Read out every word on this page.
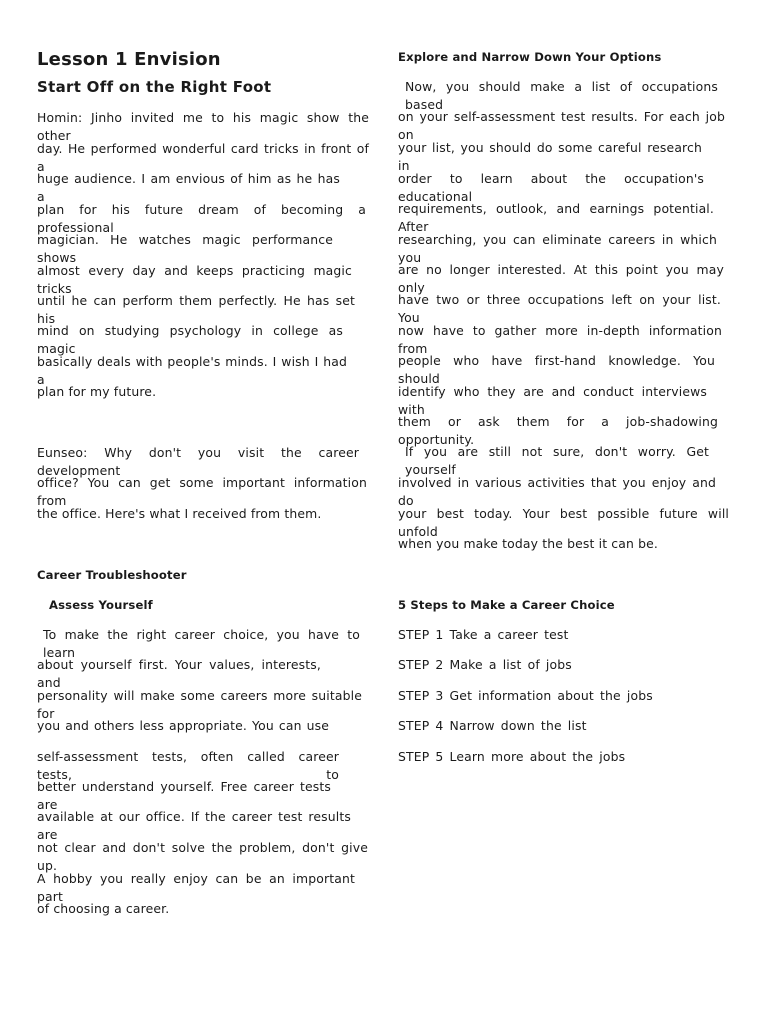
Lesson 1 Envision
Start Off on the Right Foot
Homin: Jinho invited me to his magic show the other
day. He performed wonderful card tricks in front of a
huge audience. I am envious of him as he has a
plan for his future dream of becoming a professional
magician. He watches magic performance shows
almost every day and keeps practicing magic tricks
until he can perform them perfectly. He has set his
mind on studying psychology in college as magic
basically deals with people's minds. I wish I had a
plan for my future.
Eunseo: Why don't you visit the career development
office? You can get some important information from
the office. Here's what I received from them.
Career Troubleshooter
Assess Yourself
To make the right career choice, you have to learn
about yourself first. Your values, interests, and
personality will make some careers more suitable for
you and others less appropriate. You can use
self-assessment tests, often called career tests, to
better understand yourself. Free career tests are
available at our office. If the career test results are
not clear and don't solve the problem, don't give up.
A hobby you really enjoy can be an important part
of choosing a career.
Explore and Narrow Down Your Options
Now, you should make a list of occupations based
on your self-assessment test results. For each job on
your list, you should do some careful research in
order to learn about the occupation's educational
requirements, outlook, and earnings potential. After
researching, you can eliminate careers in which you
are no longer interested. At this point you may only
have two or three occupations left on your list. You
now have to gather more in-depth information from
people who have first-hand knowledge. You should
identify who they are and conduct interviews with
them or ask them for a job-shadowing opportunity.
If you are still not sure, don't worry. Get yourself
involved in various activities that you enjoy and do
your best today. Your best possible future will unfold
when you make today the best it can be.
5 Steps to Make a Career Choice
STEP 1 Take a career test
STEP 2 Make a list of jobs
STEP 3 Get information about the jobs
STEP 4 Narrow down the list
STEP 5 Learn more about the jobs
